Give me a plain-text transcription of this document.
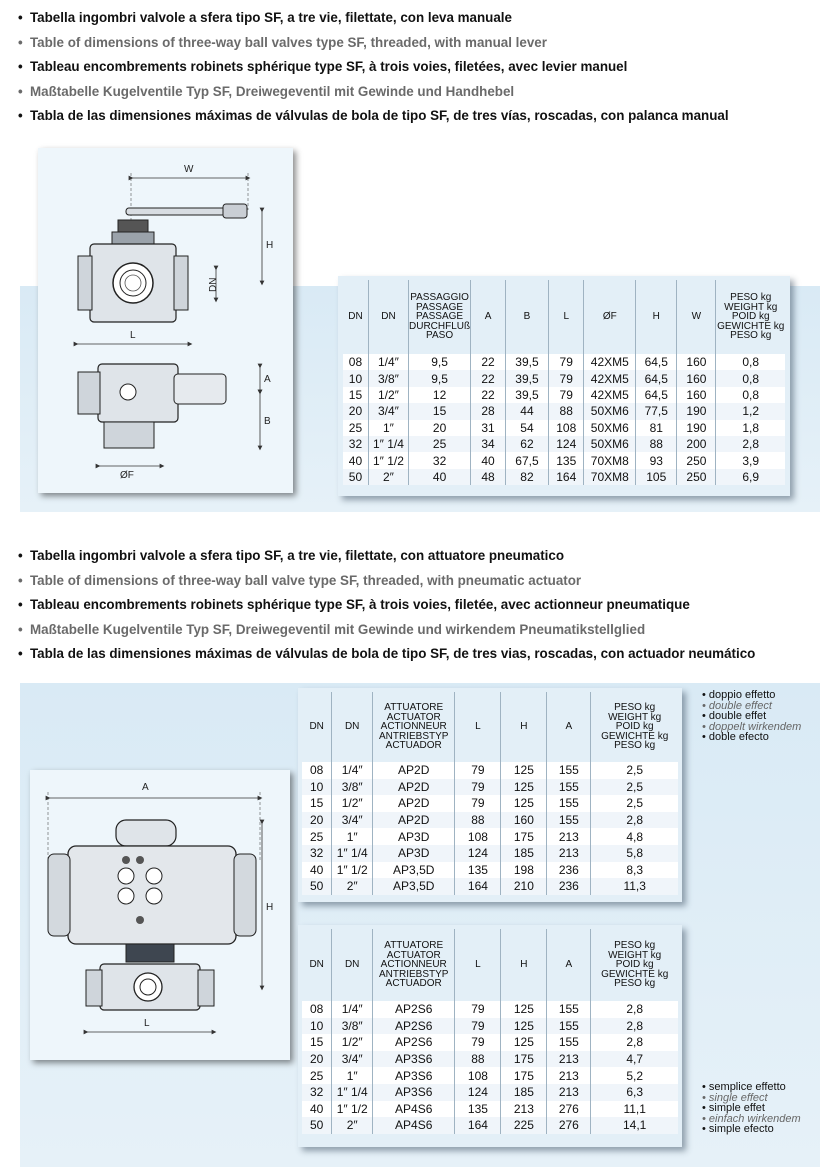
• Tabella ingombri valvole a sfera tipo SF, a tre vie, filettate, con leva manuale
• Table of dimensions of three-way ball valves type SF, threaded, with manual lever
• Tableau encombrements robinets sphérique type SF, à trois voies, filetées, avec levier manuel
• Maßtabelle Kugelventile Typ SF, Dreiwegeventil mit Gewinde und Handhebel
• Tabla de las dimensiones máximas de válvulas de bola de tipo SF, de tres vías, roscadas, con palanca manual
W
H
DN
L
ØF
A
B
DN	DN	PASSAGGIO
PASSAGE
PASSAGE
DURCHFLUß
PASO	A	B	L	ØF	H	W	PESO kg
WEIGHT kg
POID kg
GEWICHTE kg
PESO kg
08	1/4″	9,5	22	39,5	79	42XM5	64,5	160	0,8
10	3/8″	9,5	22	39,5	79	42XM5	64,5	160	0,8
15	1/2″	12	22	39,5	79	42XM5	64,5	160	0,8
20	3/4″	15	28	44	88	50XM6	77,5	190	1,2
25	1″	20	31	54	108	50XM6	81	190	1,8
32	1″ 1/4	25	34	62	124	50XM6	88	200	2,8
40	1″ 1/2	32	40	67,5	135	70XM8	93	250	3,9
50	2″	40	48	82	164	70XM8	105	250	6,9
• Tabella ingombri valvole a sfera tipo SF, a tre vie, filettate, con attuatore pneumatico
• Table of dimensions of three-way ball valve type SF, threaded, with pneumatic actuator
• Tableau encombrements robinets sphérique type SF, à trois voies, filetée, avec actionneur pneumatique
• Maßtabelle Kugelventile Typ SF, Dreiwegeventil mit Gewinde und wirkendem Pneumatikstellglied
• Tabla de las dimensiones máximas de válvulas de bola de tipo SF, de tres vias, roscadas, con actuador neumático
A
H
L
DN	DN	ATTUATORE
ACTUATOR
ACTIONNEUR
ANTRIEBSTYP
ACTUADOR	L	H	A	PESO kg
WEIGHT kg
POID kg
GEWICHTE kg
PESO kg
08	1/4″	AP2D	79	125	155	2,5
10	3/8″	AP2D	79	125	155	2,5
15	1/2″	AP2D	79	125	155	2,5
20	3/4″	AP2D	88	160	155	2,8
25	1″	AP3D	108	175	213	4,8
32	1″ 1/4	AP3D	124	185	213	5,8
40	1″ 1/2	AP3,5D	135	198	236	8,3
50	2″	AP3,5D	164	210	236	11,3
• doppio effetto
• double effect
• double effet
• doppelt wirkendem
• doble efecto
DN	DN	ATTUATORE
ACTUATOR
ACTIONNEUR
ANTRIEBSTYP
ACTUADOR	L	H	A	PESO kg
WEIGHT kg
POID kg
GEWICHTE kg
PESO kg
08	1/4″	AP2S6	79	125	155	2,8
10	3/8″	AP2S6	79	125	155	2,8
15	1/2″	AP2S6	79	125	155	2,8
20	3/4″	AP3S6	88	175	213	4,7
25	1″	AP3S6	108	175	213	5,2
32	1″ 1/4	AP3S6	124	185	213	6,3
40	1″ 1/2	AP4S6	135	213	276	11,1
50	2″	AP4S6	164	225	276	14,1
• semplice effetto
• single effect
• simple effet
• einfach wirkendem
• simple efecto
